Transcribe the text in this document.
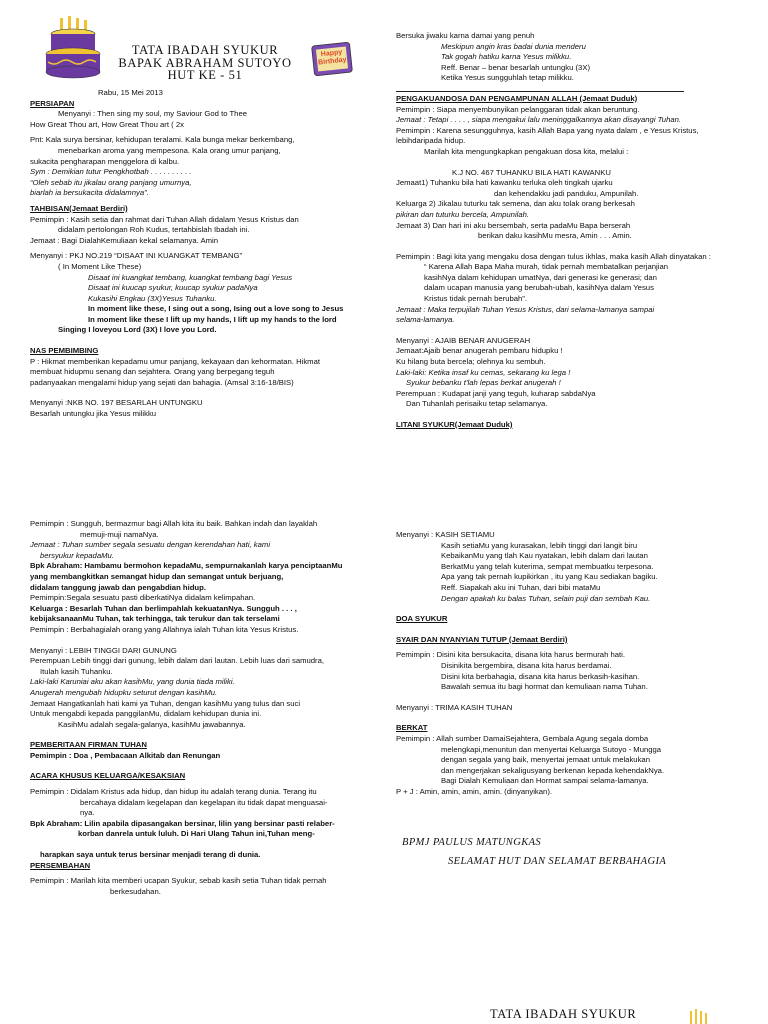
TATA IBADAH SYUKUR
BAPAK ABRAHAM SUTOYO
HUT KE - 51
Happy Birthday

Rabu, 15 Mei 2013

PERSIAPAN

Menyanyi : Then sing my soul, my Saviour God to Thee

How Great Thou art, How Great Thou art ( 2x

Pnt: Kala surya bersinar, kehidupan teralami. Kala bunga mekar berkembang,

menebarkan aroma yang mempesona. Kala orang umur panjang,

sukacita pengharapan menggelora di kalbu.

Sym : Demikian tutur Pengkhotbah . . . . . . . . . .

“Oleh sebab itu jikalau orang panjang umurnya,

biarlah ia bersukacita didalamnya”.

TAHBISAN(Jemaat Berdiri)

Pemimpin : Kasih setia dan rahmat dari Tuhan Allah didalam Yesus Kristus dan

didalam pertolongan Roh Kudus, tertahbislah Ibadah ini.

Jemaat : Bagi DialahKemuliaan kekal selamanya. Amin

Menyanyi : PKJ NO.219 “DISAAT INI KUANGKAT TEMBANG”

( In Moment Like These)

Disaat ini kuangkat tembang, kuangkat tembang bagi Yesus

Disaat ini kuucap syukur, kuucap syukur padaNya

Kukasihi Engkau (3X)Yesus Tuhanku.

In moment like these, I sing out a song, Ising out a love song to Jesus

In moment like these I lift up my hands, I lift up my hands to the lord

Singing I loveyou Lord (3X) I love you Lord.

NAS PEMBIMBING

P : Hikmat memberikan kepadamu umur panjang, kekayaan dan kehormatan. Hikmat

membuat hidupmu senang dan sejahtera. Orang yang berpegang teguh

padanyaakan mengalami hidup yang sejati dan bahagia. (Amsal 3:16-18/BIS)

Menyanyi :NKB NO. 197 BESARLAH UNTUNGKU

Besarlah untungku jika Yesus milikku

Bersuka jiwaku karna damai yang penuh

Meskipun angin kras badai dunia menderu

Tak gogah hatiku karna Yesus milikku.

Reff. Benar – benar besarlah untungku (3X)

Ketika Yesus sungguhlah tetap milikku.

PENGAKUANDOSA DAN PENGAMPUNAN ALLAH (Jemaat Duduk)

Pemimpin : Siapa menyembunyikan pelanggaran tidak akan beruntung.

Jemaat : Tetapi . . . . , siapa mengakui lalu meninggalkannya akan disayangi Tuhan.

Pemimpin : Karena sesungguhnya, kasih Allah Bapa yang nyata dalam , e Yesus Kristus,

lebihdaripada hidup.

Marilah kita mengungkapkan pengakuan dosa kita, melalui :

K.J NO. 467 TUHANKU BILA HATI KAWANKU

Jemaat1) Tuhanku bila hati kawanku terluka oleh tingkah ujarku

dan kehendakku jadi panduku, Ampunilah.

Keluarga 2) Jikalau tuturku tak semena, dan aku tolak orang berkesah

pikiran dan tuturku bercela, Ampunilah.

Jemaat 3) Dan hari ini aku bersembah, serta padaMu Bapa berserah

berikan daku kasihMu mesra, Amin . . . Amin.

Pemimpin : Bagi kita yang mengaku dosa dengan tulus ikhlas, maka kasih Allah dinyatakan :

“ Karena Allah Bapa Maha murah, tidak pernah membatalkan perjanjian

kasihNya dalam kehidupan umatNya, dari generasi ke generasi; dan

dalam ucapan manusia yang berubah-ubah, kasihNya dalam Yesus

Kristus tidak pernah berubah”.

Jemaat : Maka terpujilah Tuhan Yesus Kristus, dari selama-lamanya sampai

selama-lamanya.

Menyanyi : AJAIB BENAR ANUGERAH

Jemaat:Ajaib benar anugerah pembaru hidupku !

Ku hilang buta bercela; olehnya ku sembuh.

Laki-laki: Ketika insaf ku cemas, sekarang ku lega !

Syukur bebanku t’lah lepas berkat anugerah !

Perempuan : Kudapat janji yang teguh, kuharap sabdaNya

Dan Tuhanlah perisaiku tetap selamanya.

LITANI SYUKUR(Jemaat Duduk)

Pemimpin : Sungguh, bermazmur bagi Allah kita itu baik. Bahkan indah dan layaklah

memuji-muji namaNya.

Jemaat : Tuhan sumber segala sesuatu dengan kerendahan hati, kami

bersyukur kepadaMu.

Bpk Abraham: Hambamu bermohon kepadaMu, sempurnakanlah karya penciptaanMu

yang membangkitkan semangat hidup dan semangat untuk berjuang,

didalam tanggung jawab dan pengabdian hidup.

Pemimpin:Segala sesuatu pasti diberkatiNya didalam kelimpahan.

Keluarga : Besarlah Tuhan dan berlimpahlah kekuatanNya. Sungguh . . . ,

kebijaksanaanMu Tuhan, tak terhingga, tak terukur dan tak terselami

Pemimpin : Berbahagialah orang yang Allahnya ialah Tuhan kita Yesus Kristus.

Menyanyi : LEBIH TINGGI DARI GUNUNG

Perempuan Lebih tinggi dari gunung, lebih dalam dari lautan. Lebih luas dari samudra,

Itulah kasih Tuhanku.

Laki-laki Karuniai aku akan kasihMu, yang dunia tiada miliki.

Anugerah mengubah hidupku seturut dengan kasihMu.

Jemaat Hangatkanlah hati kami ya Tuhan, dengan kasihMu yang tulus dan suci

Untuk mengabdi kepada panggilanMu, didalam kehidupan dunia ini.

KasihMu adalah segala-galanya, kasihMu jawabannya.

PEMBERITAAN FIRMAN TUHAN

Pemimpin : Doa , Pembacaan Alkitab dan Renungan

ACARA KHUSUS KELUARGA/KESAKSIAN

Pemimpin : Didalam Kristus ada hidup, dan hidup itu adalah terang dunia. Terang itu

bercahaya didalam kegelapan dan kegelapan itu tidak dapat menguasai-

nya.

Bpk Abraham: Lilin apabila dipasangakan bersinar, lilin yang bersinar pasti relaber-

korban danrela untuk luluh. Di Hari Ulang Tahun ini,Tuhan meng-

harapkan saya untuk terus bersinar menjadi terang di dunia.

PERSEMBAHAN

Pemimpin : Marilah kita memberi ucapan Syukur, sebab kasih setia Tuhan tidak pernah

berkesudahan.

Menyanyi : KASIH SETIAMU

Kasih setiaMu yang kurasakan, lebih tinggi dari langit biru

KebaikanMu yang tlah Kau nyatakan, lebih dalam dari lautan

BerkatMu yang telah kuterima, sempat membuatku terpesona.

Apa yang tak pernah kupikirkan , itu yang Kau sediakan bagiku.

Reff. Siapakah aku ini Tuhan, dari bibi mataMu

Dengan apakah ku balas Tuhan, selain puji dan sembah Kau.

DOA SYUKUR

SYAIR DAN NYANYIAN TUTUP (Jemaat Berdiri)

Pemimpin : Disini kita bersukacita, disana kita harus bermurah hati.

Disinikita bergembira, disana kita harus berdamai.

Disini kita berbahagia, disana kita harus berkasih-kasihan.

Bawalah semua itu bagi hormat dan kemuliaan nama Tuhan.

Menyanyi : TRIMA KASIH TUHAN

BERKAT

Pemimpin : Allah sumber DamaiSejahtera, Gembala Agung segala domba

melengkapi,menuntun dan menyertai Keluarga Sutoyo - Mungga

dengan segala yang baik, menyertai jemaat untuk melakukan

dan mengerjakan sekaligusyang berkenan kepada kehendakNya.

Bagi Dialah Kemuliaan dan Hormat sampai selama-lamanya.

P + J : Amin, amin, amin, amin. (dinyanyikan).

BPMJ PAULUS MATUNGKAS
SELAMAT HUT DAN SELAMAT BERBAHAGIA
TATA IBADAH SYUKUR
